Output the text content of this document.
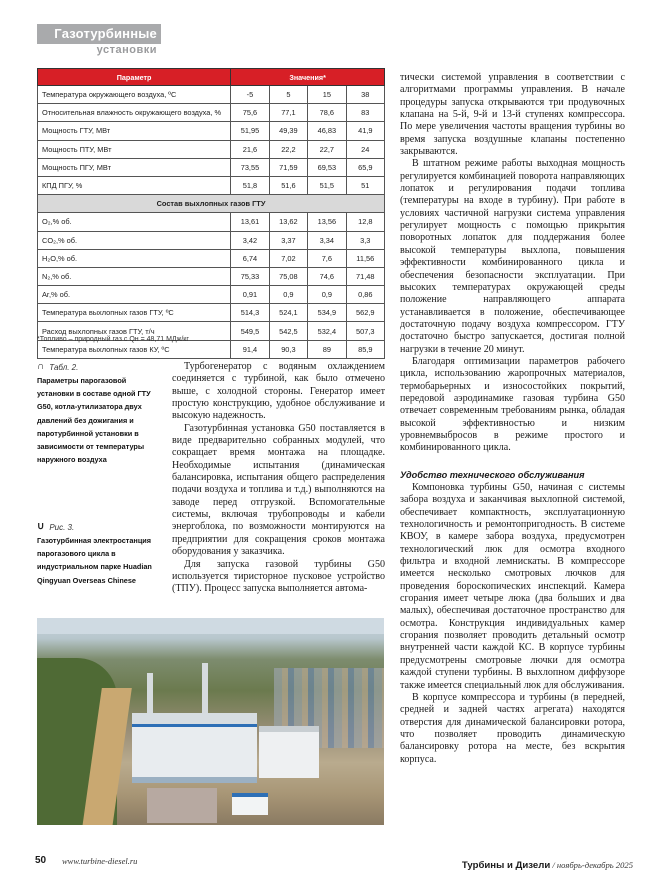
Газотурбинные
установки
Параметр	Значения*			
Температура окружающего воздуха, ºС	-5	5	15	38
Относительная влажность окружающего воздуха, %	75,6	77,1	78,6	83
Мощность ГТУ, МВт	51,95	49,39	46,83	41,9
Мощность ПТУ, МВт	21,6	22,2	22,7	24
Мощность ПГУ, МВт	73,55	71,59	69,53	65,9
КПД ПГУ, %	51,8	51,6	51,5	51
Состав выхлопных газов ГТУ				
O₂,% об.	13,61	13,62	13,56	12,8
CO₂,% об.	3,42	3,37	3,34	3,3
H₂O,% об.	6,74	7,02	7,6	11,56
N₂,% об.	75,33	75,08	74,6	71,48
Ar,% об.	0,91	0,9	0,9	0,86
Температура выхлопных газов ГТУ, ºС	514,3	524,1	534,9	562,9
Расход выхлопных газов ГТУ, т/ч	549,5	542,5	532,4	507,3
Температура выхлопных газов КУ, ºС	91,4	90,3	89	85,9
*Топливо – природный газ с Qн = 48,71 МДж/кг
∩ Табл. 2.
Параметры парогазовой установки в составе одной ГТУ G50, котла-утилизатора двух давлений без дожигания и паротурбинной установки в зависимости от температуры наружного воздуха
∪ Рис. 3.
Газотурбинная электростанция парогазового цикла в индустриальном парке Huadian Qingyuan Overseas Chinese

Турбогенератор с водяным охлаждением соединяется с турбиной, как было отмечено выше, с холодной стороны. Генератор имеет простую конструкцию, удобное обслуживание и высокую надежность.

Газотурбинная установка G50 поставляется в виде предварительно собранных модулей, что сокращает время монтажа на площадке. Необходимые испытания (динамическая балансировка, испытания общего распределения подачи воздуха и топлива и т.д.) выполняются на заводе перед отгрузкой. Вспомогательные системы, включая трубопроводы и кабели энергоблока, по возможности монтируются на предприятии для сокращения сроков монтажа оборудования у заказчика.

Для запуска газовой турбины G50 используется тиристорное пусковое устройство (ТПУ). Процесс запуска выполняется автома-

тически системой управления в соответствии с алгоритмами программы управления. В начале процедуры запуска открываются три продувочных клапана на 5-й, 9-й и 13-й ступенях компрессора. По мере увеличения частоты вращения турбины во время запуска воздушные клапаны постепенно закрываются.

В штатном режиме работы выходная мощность регулируется комбинацией поворота направляющих лопаток и регулирования подачи топлива (температуры на входе в турбину). При работе в условиях частичной нагрузки система управления регулирует мощность с помощью прикрытия поворотных лопаток для поддержания более высокой температуры выхлопа, повышения эффективности комбинированного цикла и обеспечения безопасности эксплуатации. При высоких температурах окружающей среды положение направляющего аппарата устанавливается в положение, обеспечивающее достаточную подачу воздуха компрессором. ГТУ достаточно быстро запускается, достигая полной нагрузки в течение 20 минут.

Благодаря оптимизации параметров рабочего цикла, использованию жаропрочных материалов, термобарьерных и износостойких покрытий, передовой аэродинамике газовая турбина G50 отвечает современным требованиям рынка, обладая высокой эффективностью и низким уровнемвыбросов в режиме простого и комбинированного цикла.

Удобство технического обслуживания

Компоновка турбины G50, начиная с системы забора воздуха и заканчивая выхлопной системой, обеспечивает компактность, эксплуатационную технологичность и ремонтопригодность. В системе КВОУ, в камере забора воздуха, предусмотрен технологический люк для осмотра входного фильтра и входной лемнискаты. В компрессоре имеется несколько смотровых лючков для проведения бороскопических инспекций. Камера сгорания имеет четыре люка (два больших и два малых), обеспечивая достаточное пространство для осмотра. Конструкция индивидуальных камер сгорания позволяет проводить детальный осмотр внутренней части каждой КС. В корпусе турбины предусмотрены смотровые лючки для осмотра каждой ступени турбины. В выхлопном диффузоре также имеется специальный люк для обслуживания.

В корпусе компрессора и турбины (в передней, средней и задней частях агрегата) находятся отверстия для динамической балансировки ротора, что позволяет проводить динамическую балансировку ротора на месте, без вскрытия корпуса.

50 www.turbine-diesel.ru	Турбины и Дизели / ноябрь-декабрь 2025
